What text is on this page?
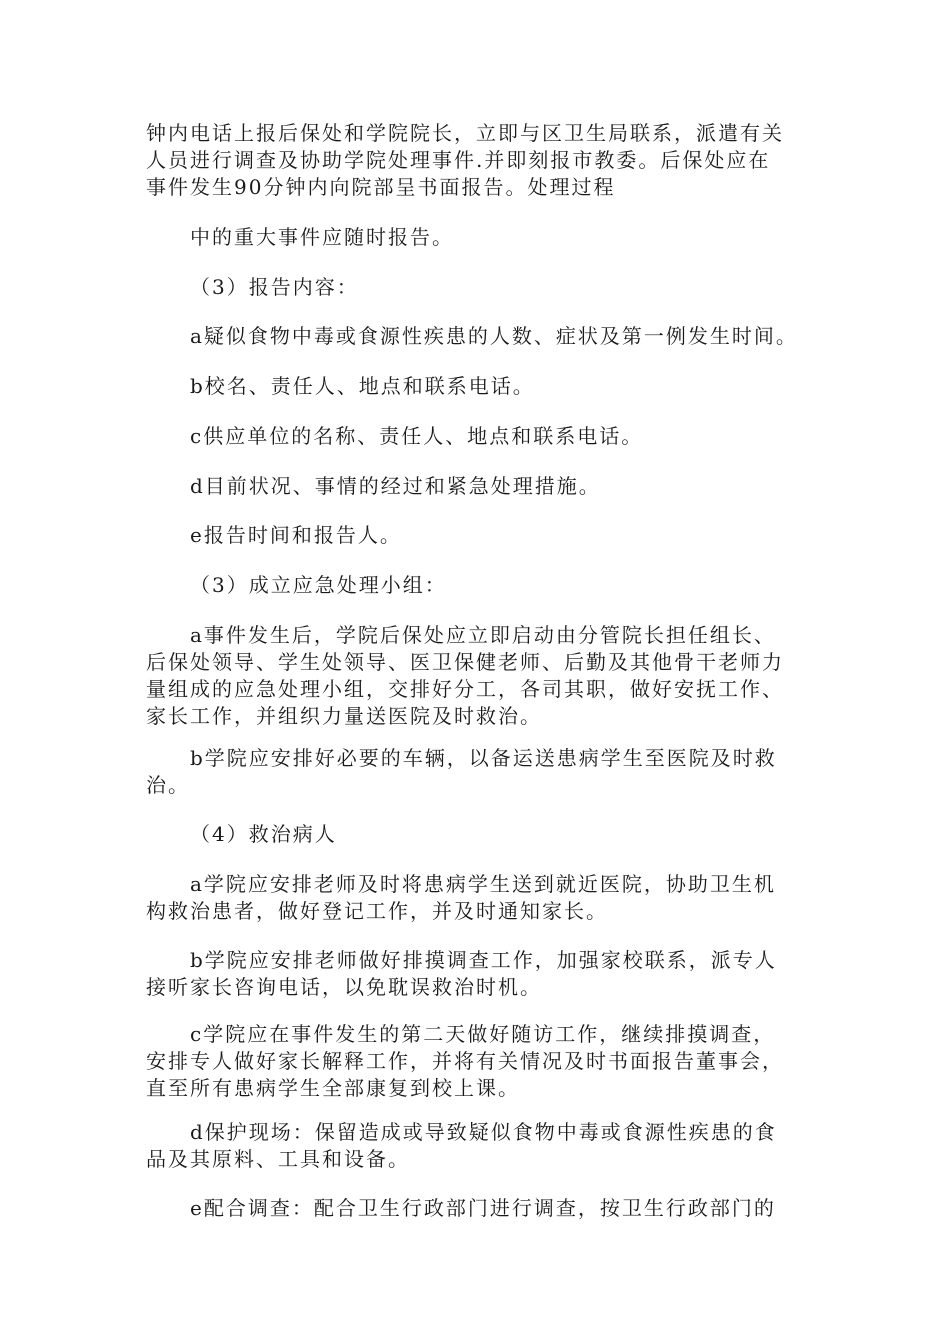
钟内电话上报后保处和学院院长，立即与区卫生局联系，派遣有关
人员进行调查及协助学院处理事件.并即刻报市教委。后保处应在
事件发生90分钟内向院部呈书面报告。处理过程

中的重大事件应随时报告。

（3）报告内容：

a疑似食物中毒或食源性疾患的人数、症状及第一例发生时间。

b校名、责任人、地点和联系电话。

c供应单位的名称、责任人、地点和联系电话。

d目前状况、事情的经过和紧急处理措施。

e报告时间和报告人。

（3）成立应急处理小组：

a事件发生后，学院后保处应立即启动由分管院长担任组长、
后保处领导、学生处领导、医卫保健老师、后勤及其他骨干老师力
量组成的应急处理小组，交排好分工，各司其职，做好安抚工作、
家长工作，并组织力量送医院及时救治。

b学院应安排好必要的车辆，以备运送患病学生至医院及时救
治。

（4）救治病人

a学院应安排老师及时将患病学生送到就近医院，协助卫生机
构救治患者，做好登记工作，并及时通知家长。

b学院应安排老师做好排摸调查工作，加强家校联系，派专人
接听家长咨询电话，以免耽误救治时机。

c学院应在事件发生的第二天做好随访工作，继续排摸调查，
安排专人做好家长解释工作，并将有关情况及时书面报告董事会，
直至所有患病学生全部康复到校上课。

d保护现场：保留造成或导致疑似食物中毒或食源性疾患的食
品及其原料、工具和设备。

e配合调查：配合卫生行政部门进行调查，按卫生行政部门的
